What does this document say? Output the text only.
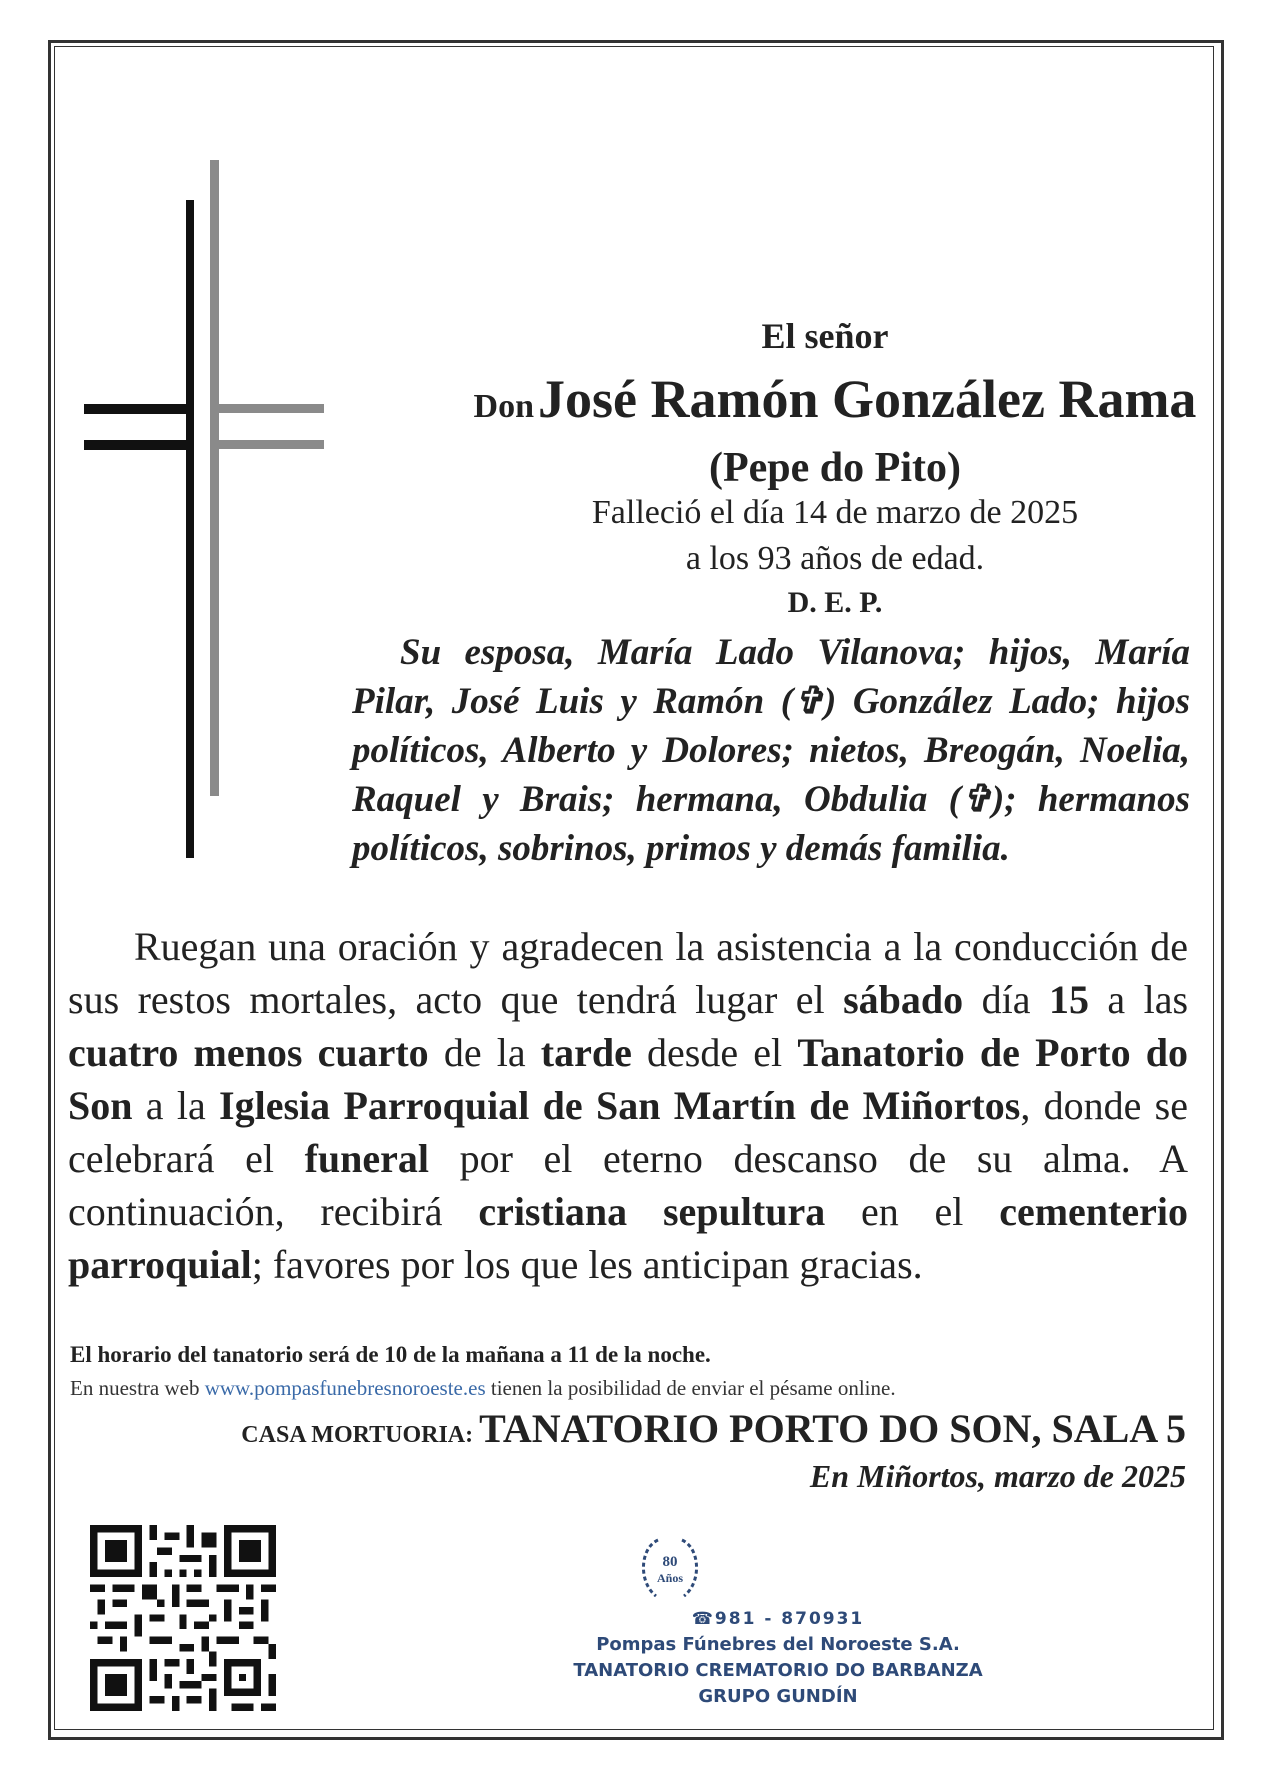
El señor
Don José Ramón González Rama
(Pepe do Pito)
Falleció el día 14 de marzo de 2025
a los 93 años de edad.
D. E. P.
Su esposa, María Lado Vilanova; hijos, María Pilar, José Luis y Ramón (✞) González Lado; hijos políticos, Alberto y Dolores; nietos, Breogán, Noelia, Raquel y Brais; hermana, Obdulia (✞); hermanos políticos, sobrinos, primos y demás familia.
Ruegan una oración y agradecen la asistencia a la conducción de sus restos mortales, acto que tendrá lugar el sábado día 15 a las cuatro menos cuarto de la tarde desde el Tanatorio de Porto do Son a la Iglesia Parroquial de San Martín de Miñortos, donde se celebrará el funeral por el eterno descanso de su alma. A continuación, recibirá cristiana sepultura en el cementerio parroquial; favores por los que les anticipan gracias.
El horario del tanatorio será de 10 de la mañana a 11 de la noche.
En nuestra web www.pompasfunebresnoroeste.es tienen la posibilidad de enviar el pésame online.
CASA MORTUORIA: TANATORIO PORTO DO SON, SALA 5
En Miñortos, marzo de 2025
80
Años
☎981 - 870931
Pompas Fúnebres del Noroeste S.A.
TANATORIO CREMATORIO DO BARBANZA
GRUPO GUNDÍN
